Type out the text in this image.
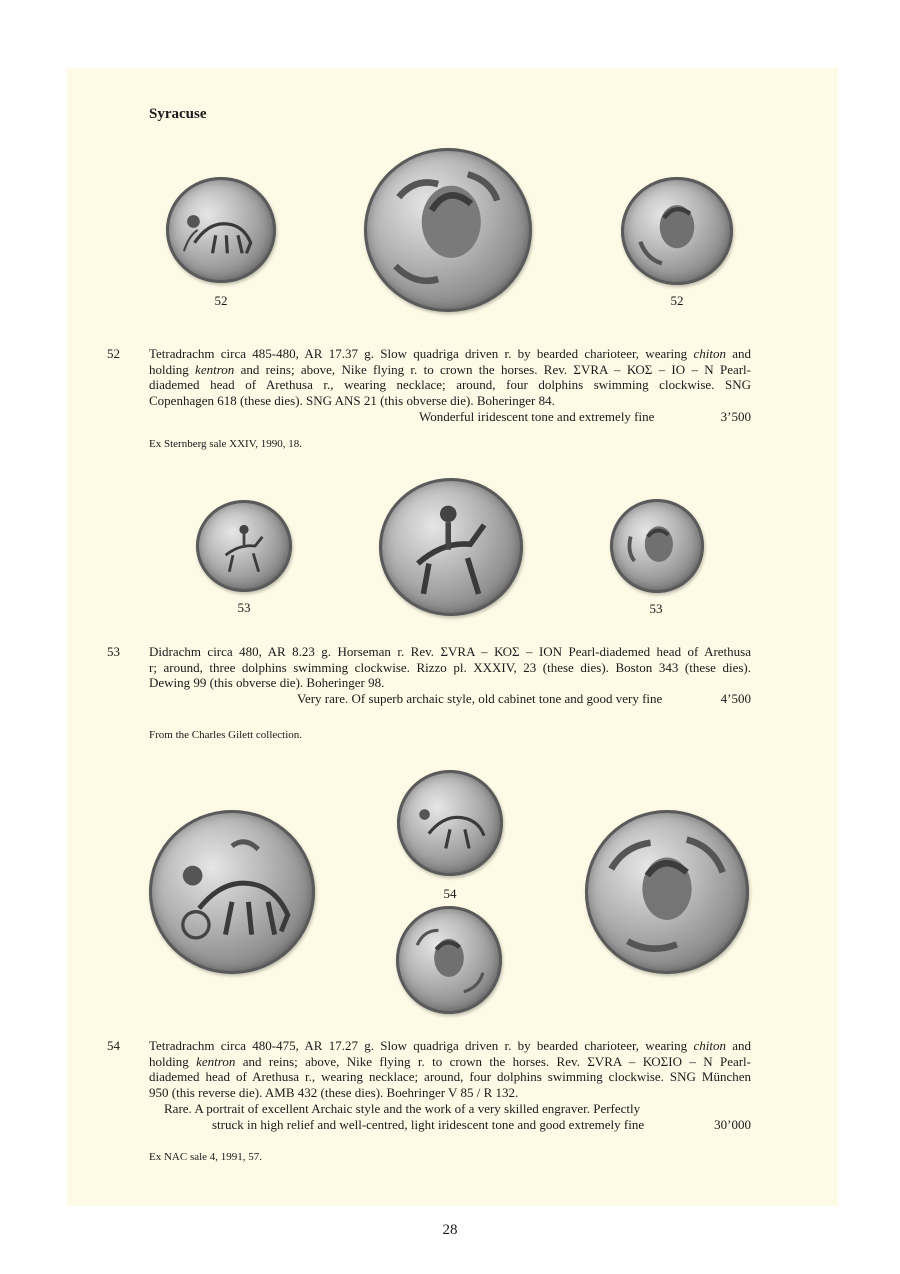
Syracuse
52	52
52 Tetradrachm circa 485-480, AR 17.37 g. Slow quadriga driven r. by bearded charioteer, wearing chiton and
holding kentron and reins; above, Nike flying r. to crown the horses. Rev. ΣVRA – ΚΟΣ – ΙΟ – Ν Pearl-
diademed head of Arethusa r., wearing necklace; around, four dolphins swimming clockwise. SNG
Copenhagen 618 (these dies). SNG ANS 21 (this obverse die). Boheringer 84.
Wonderful iridescent tone and extremely fine	3’500
Ex Sternberg sale XXIV, 1990, 18.
53	53
53 Didrachm circa 480, AR 8.23 g. Horseman r. Rev. ΣVRA – ΚΟΣ – ΙΟΝ Pearl-diademed head of Arethusa
r; around, three dolphins swimming clockwise. Rizzo pl. XXXIV, 23 (these dies). Boston 343 (these dies).
Dewing 99 (this obverse die). Boheringer 98.
Very rare. Of superb archaic style, old cabinet tone and good very fine	4’500
From the Charles Gilett collection.
54
54 Tetradrachm circa 480-475, AR 17.27 g. Slow quadriga driven r. by bearded charioteer, wearing chiton and
holding kentron and reins; above, Nike flying r. to crown the horses. Rev. ΣVRA – ΚΟΣΙΟ – Ν Pearl-
diademed head of Arethusa r., wearing necklace; around, four dolphins swimming clockwise. SNG München
950 (this reverse die). AMB 432 (these dies). Boehringer V 85 / R 132.
Rare. A portrait of excellent Archaic style and the work of a very skilled engraver. Perfectly
struck in high relief and well-centred, light iridescent tone and good extremely fine	30’000
Ex NAC sale 4, 1991, 57.
28
